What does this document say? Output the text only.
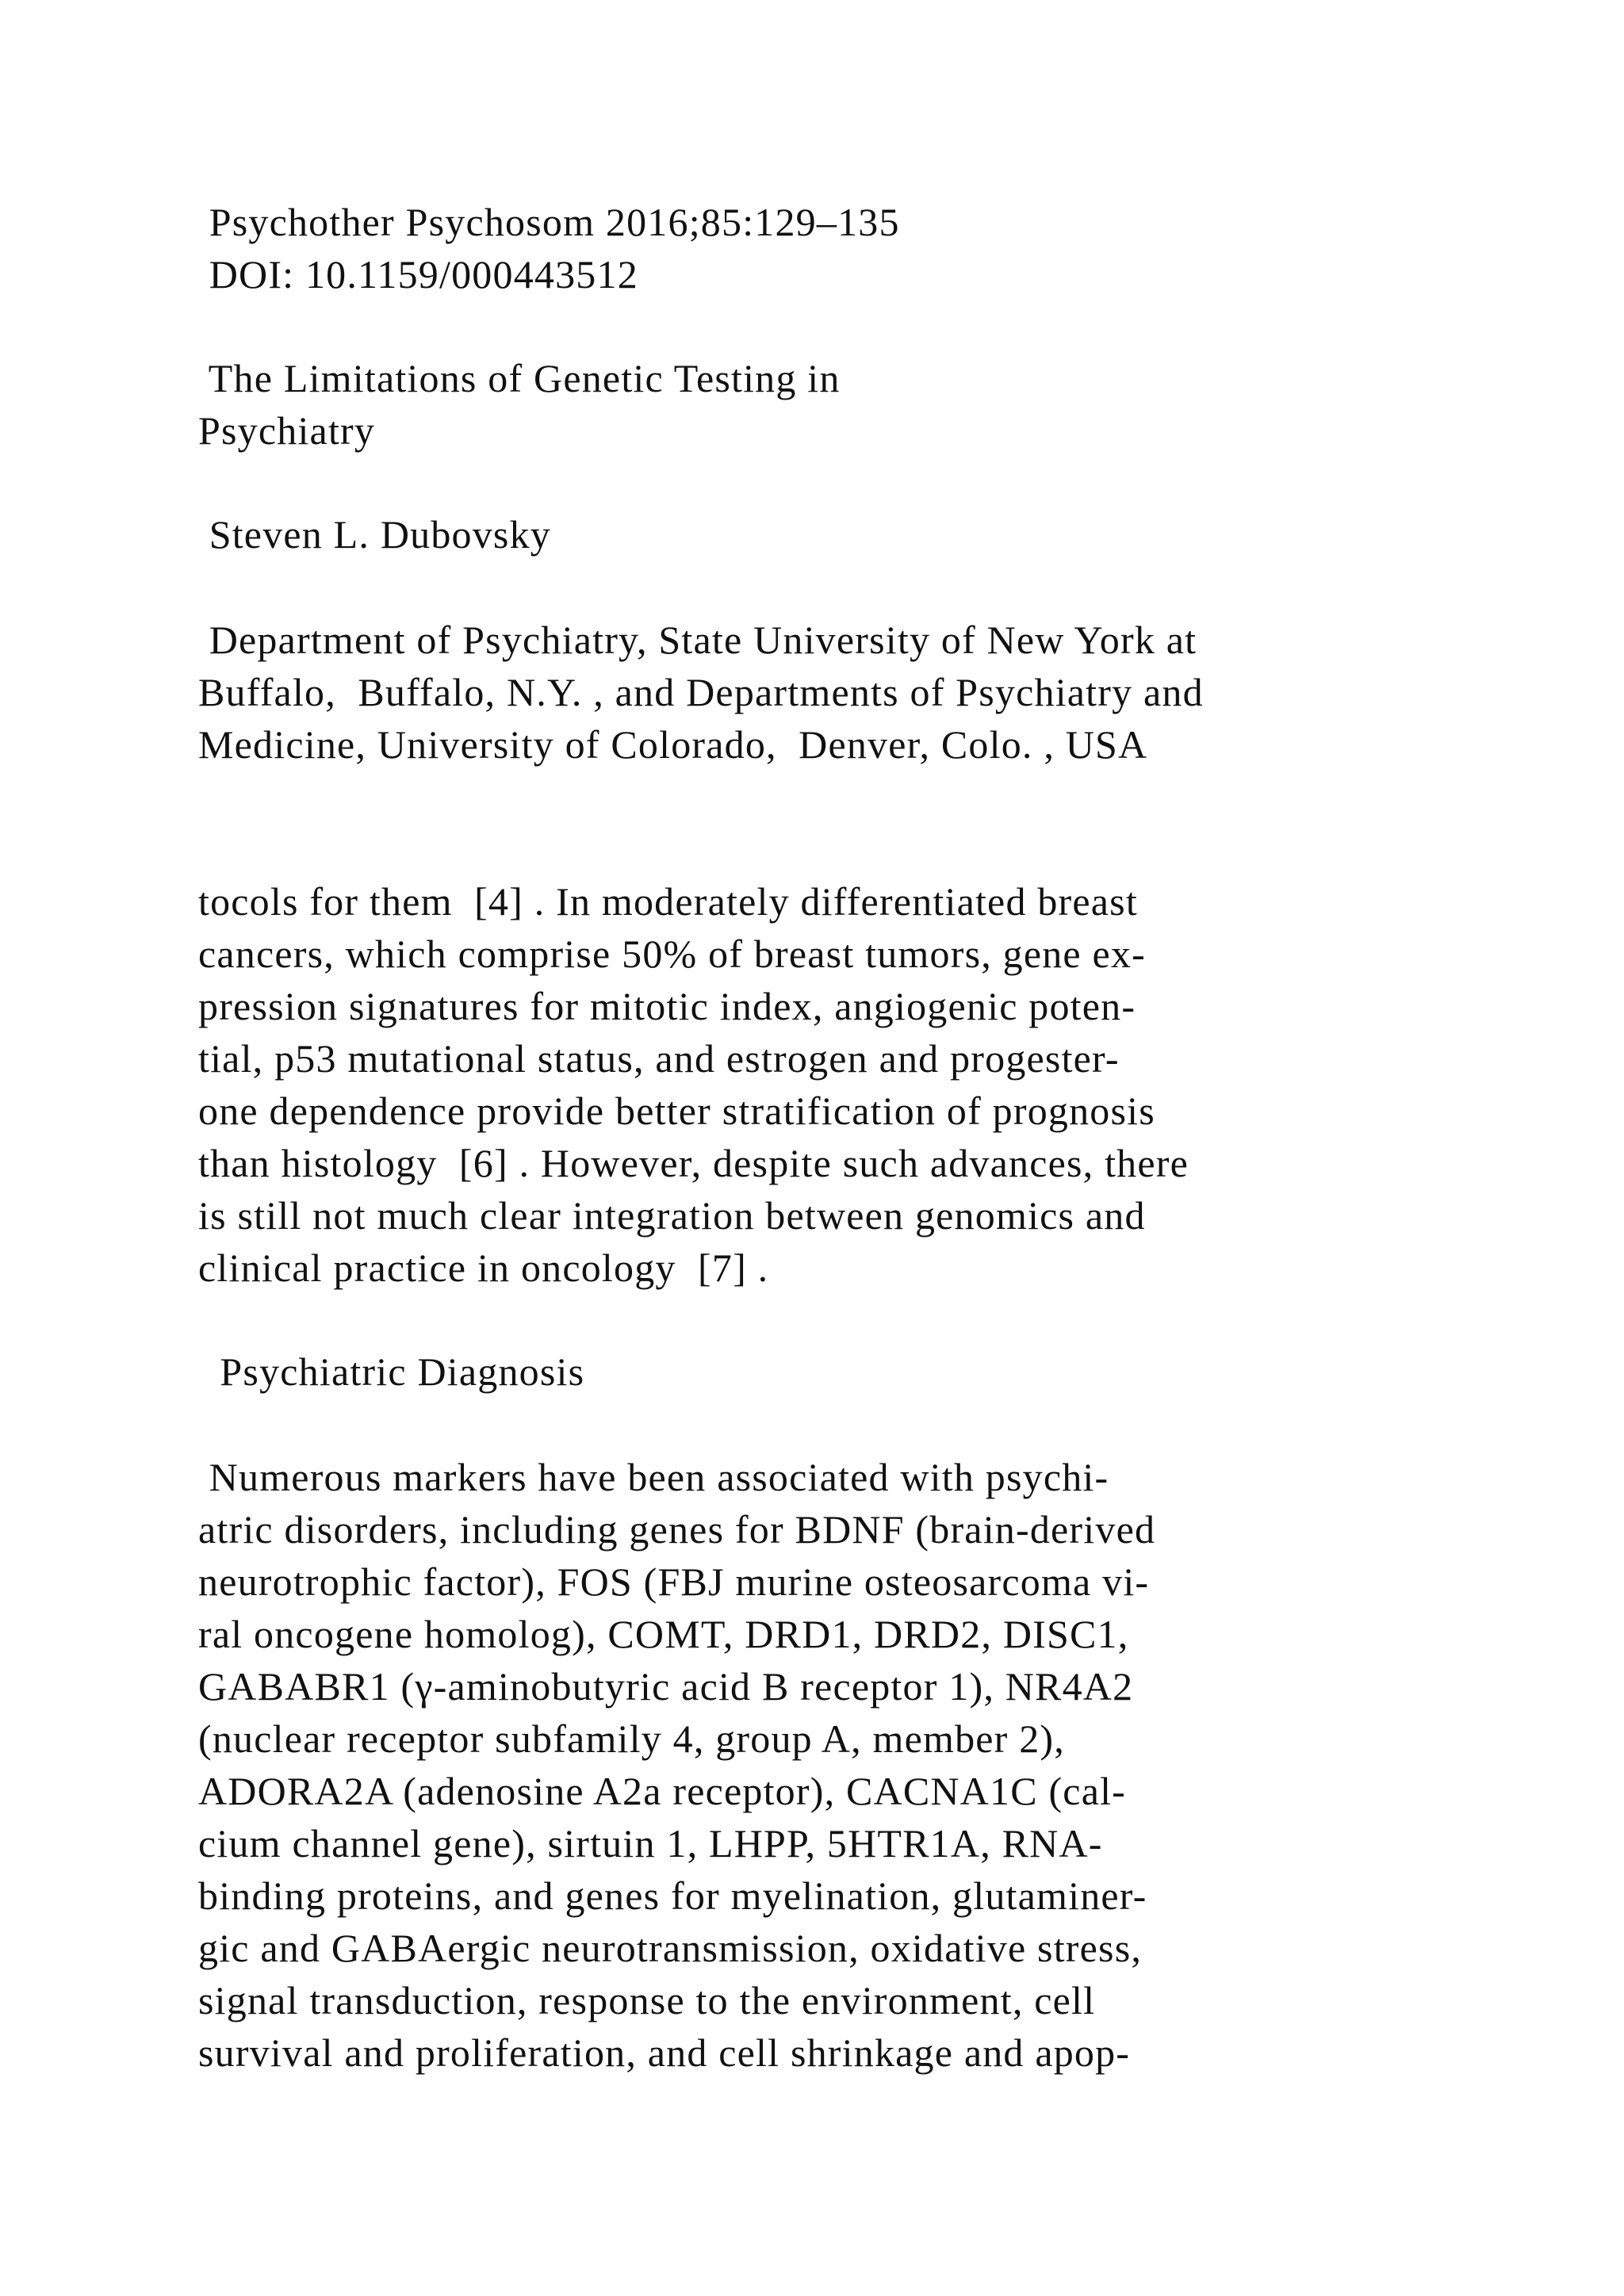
Psychother Psychosom 2016;85:129–135
DOI: 10.1159/000443512
The Limitations of Genetic Testing in
Psychiatry
Steven L. Dubovsky
Department of Psychiatry, State University of New York at
Buffalo,  Buffalo, N.Y. , and Departments of Psychiatry and
Medicine, University of Colorado,  Denver, Colo. , USA
tocols for them  [4] . In moderately differentiated breast
cancers, which comprise 50% of breast tumors, gene ex-
pression signatures for mitotic index, angiogenic poten-
tial, p53 mutational status, and estrogen and progester-
one dependence provide better stratification of prognosis
than histology  [6] . However, despite such advances, there
is still not much clear integration between genomics and
clinical practice in oncology  [7] .
Psychiatric Diagnosis
Numerous markers have been associated with psychi-
atric disorders, including genes for BDNF (brain-derived
neurotrophic factor), FOS (FBJ murine osteosarcoma vi-
ral oncogene homolog), COMT, DRD1, DRD2, DISC1,
GABABR1 (γ-aminobutyric acid B receptor 1), NR4A2
(nuclear receptor subfamily 4, group A, member 2),
ADORA2A (adenosine A2a receptor), CACNA1C (cal-
cium channel gene), sirtuin 1, LHPP, 5HTR1A, RNA-
binding proteins, and genes for myelination, glutaminer-
gic and GABAergic neurotransmission, oxidative stress,
signal transduction, response to the environment, cell
survival and proliferation, and cell shrinkage and apop-
